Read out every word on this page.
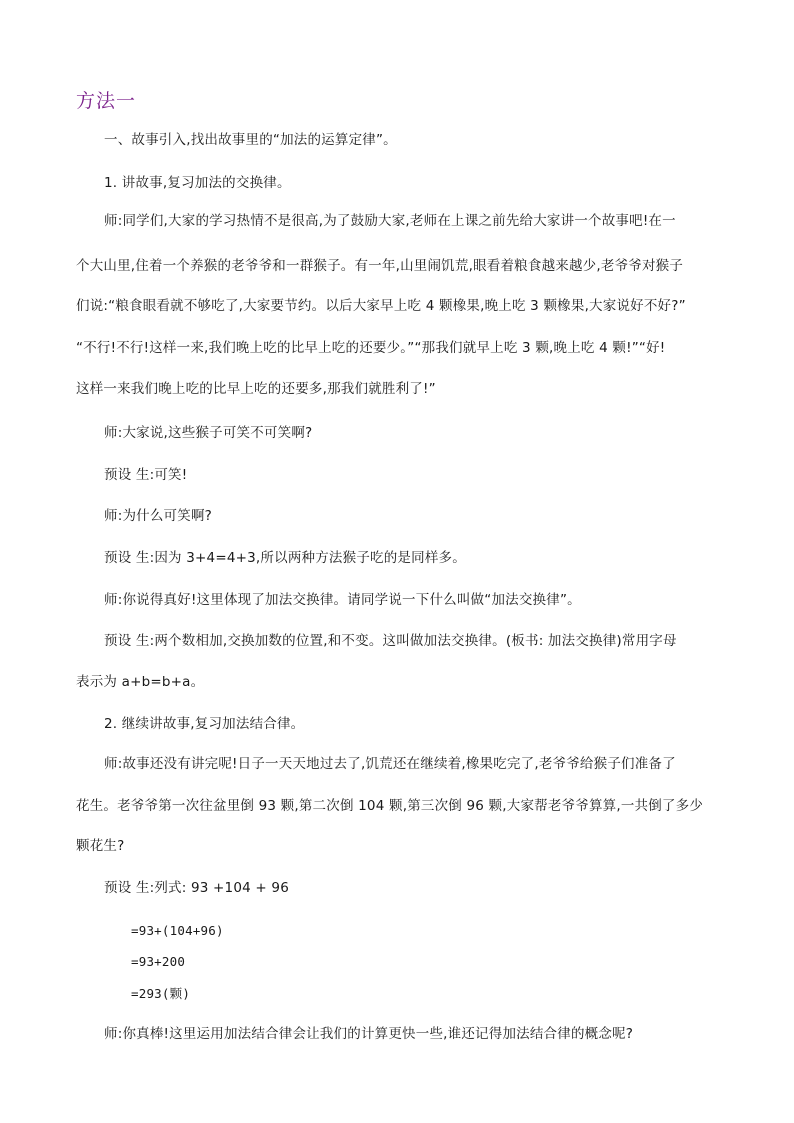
方法一
一、故事引入,找出故事里的“加法的运算定律”。
1. 讲故事,复习加法的交换律。
师:同学们,大家的学习热情不是很高,为了鼓励大家,老师在上课之前先给大家讲一个故事吧!在一
个大山里,住着一个养猴的老爷爷和一群猴子。有一年,山里闹饥荒,眼看着粮食越来越少,老爷爷对猴子
们说:“粮食眼看就不够吃了,大家要节约。以后大家早上吃 4 颗橡果,晚上吃 3 颗橡果,大家说好不好?”
“不行!不行!这样一来,我们晚上吃的比早上吃的还要少。”“那我们就早上吃 3 颗,晚上吃 4 颗!”“好!
这样一来我们晚上吃的比早上吃的还要多,那我们就胜利了!”
师:大家说,这些猴子可笑不可笑啊?
预设 生:可笑!
师:为什么可笑啊?
预设 生:因为 3+4=4+3,所以两种方法猴子吃的是同样多。
师:你说得真好!这里体现了加法交换律。请同学说一下什么叫做“加法交换律”。
预设 生:两个数相加,交换加数的位置,和不变。这叫做加法交换律。(板书: 加法交换律)常用字母
表示为 a+b=b+a。
2. 继续讲故事,复习加法结合律。
师:故事还没有讲完呢!日子一天天地过去了,饥荒还在继续着,橡果吃完了,老爷爷给猴子们准备了
花生。老爷爷第一次往盆里倒 93 颗,第二次倒 104 颗,第三次倒 96 颗,大家帮老爷爷算算,一共倒了多少
颗花生?
预设 生:列式: 93 +104 + 96
=93+(104+96)
=93+200
=293(颗)
师:你真棒!这里运用加法结合律会让我们的计算更快一些,谁还记得加法结合律的概念呢?
